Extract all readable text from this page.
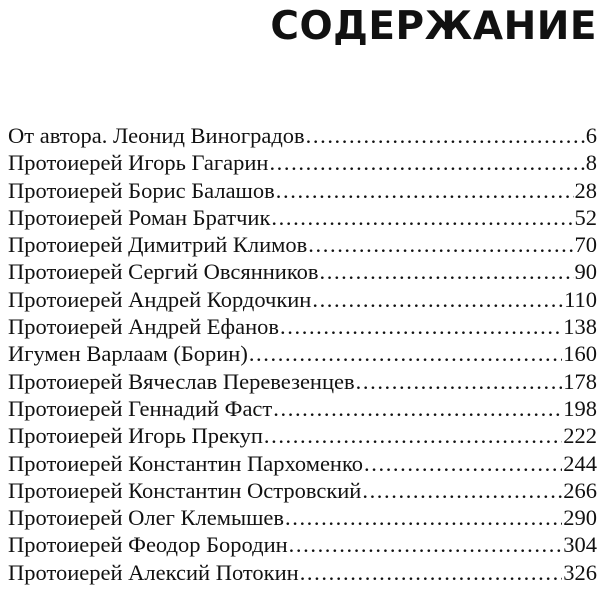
СОДЕРЖАНИЕ
От автора. Леонид Виноградов .....	6
Протоиерей Игорь Гагарин .....	8
Протоиерей Борис Балашов .....	28
Протоиерей Роман Братчик .....	52
Протоиерей Димитрий Климов .....	70
Протоиерей Сергий Овсянников .....	90
Протоиерей Андрей Кордочкин .....	110
Протоиерей Андрей Ефанов .....	138
Игумен Варлаам (Борин) .....	160
Протоиерей Вячеслав Перевезенцев .....	178
Протоиерей Геннадий Фаст .....	198
Протоиерей Игорь Прекуп .....	222
Протоиерей Константин Пархоменко .....	244
Протоиерей Константин Островский .....	266
Протоиерей Олег Клемышев .....	290
Протоиерей Феодор Бородин .....	304
Протоиерей Алексий Потокин .....	326
